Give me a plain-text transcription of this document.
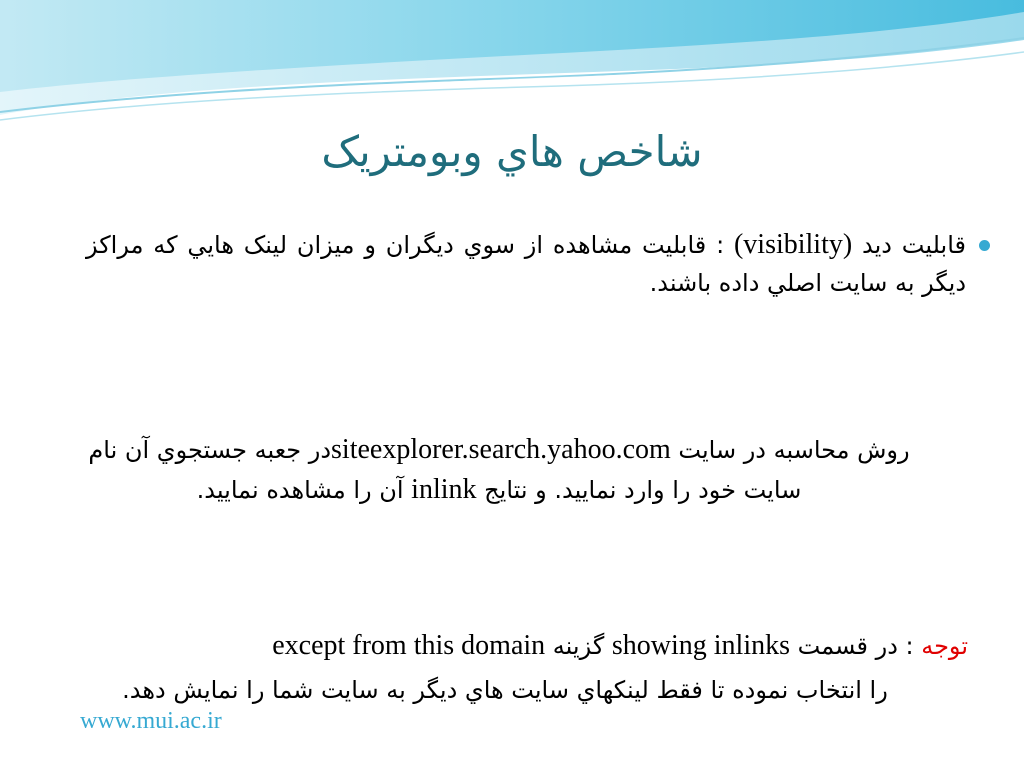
شاخص هاي وبومتريک
قابليت ديد (visibility) : قابليت مشاهده از سوي ديگران و ميزان لينک هايي که مراکز ديگر به سايت اصلي داده باشند.
روش محاسبه در سايت siteexplorer.search.yahoo.comدر جعبه جستجوي آن نام سايت خود را وارد نماييد. و نتايج inlink آن را مشاهده نماييد.
توجه : در قسمت showing inlinks گزينه except from this domain
را انتخاب نموده تا فقط لينکهاي سايت هاي ديگر به سايت شما را نمايش دهد.
www.mui.ac.ir
